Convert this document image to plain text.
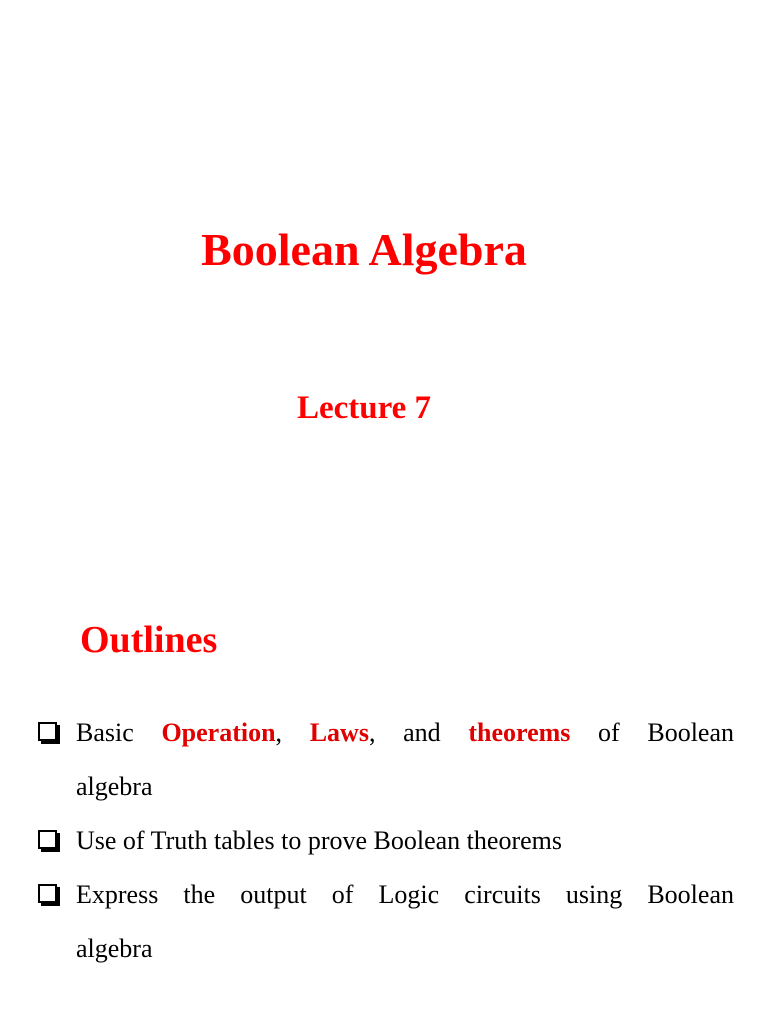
Boolean Algebra
Lecture 7
Outlines
Basic Operation, Laws, and theorems of Boolean
algebra
Use of Truth tables to prove Boolean theorems
Express the output of Logic circuits using Boolean
algebra
